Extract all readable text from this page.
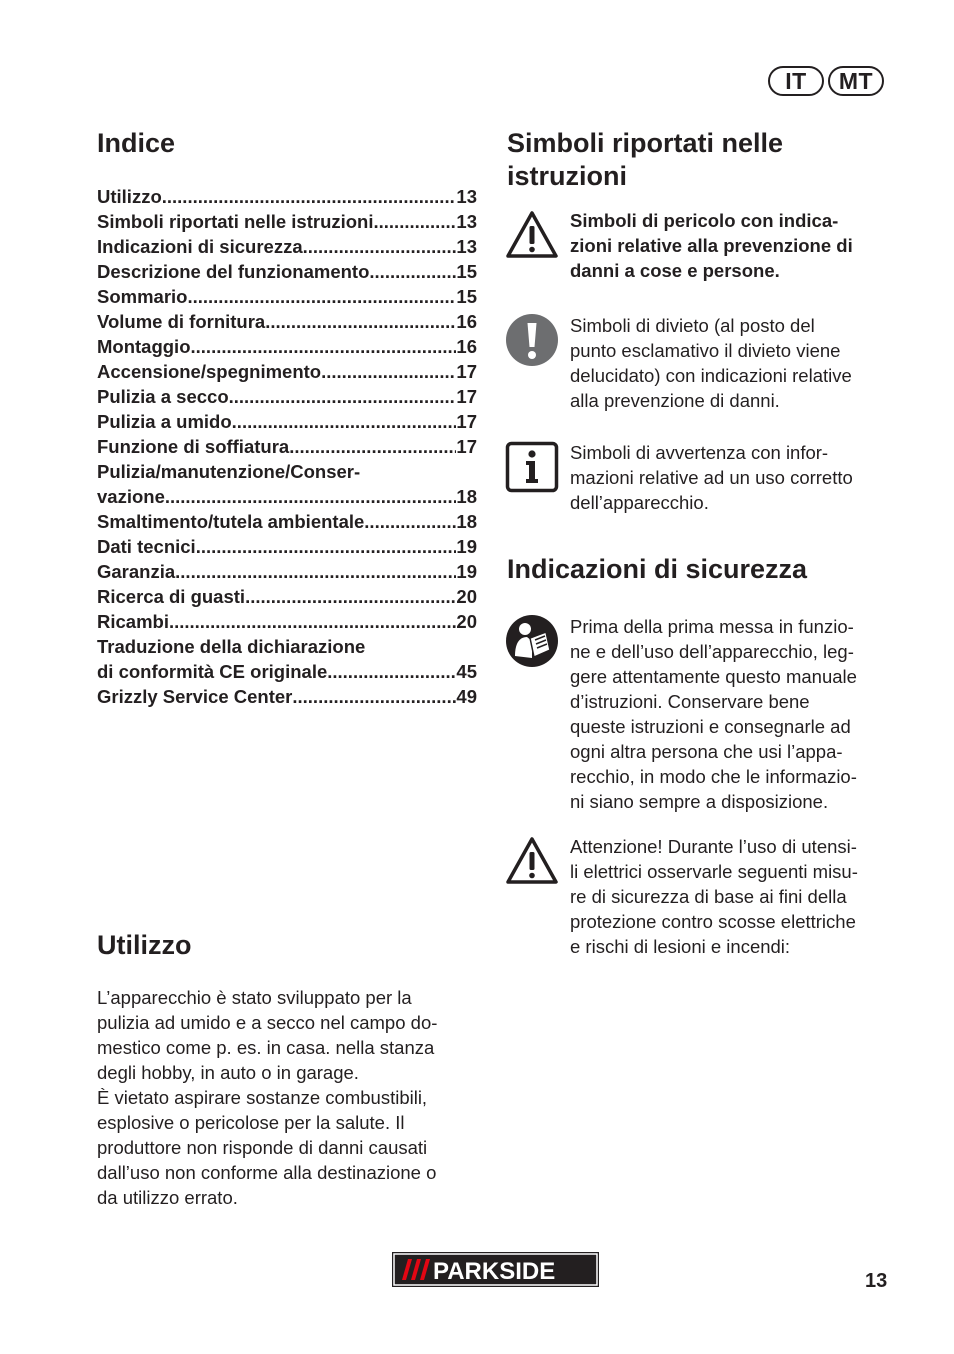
IT	MT
Indice
Utilizzo .....	13
Simboli riportati nelle istruzioni .....	13
Indicazioni di sicurezza .....	13
Descrizione del funzionamento .....	15
Sommario .....	15
Volume di fornitura .....	16
Montaggio .....	16
Accensione/spegnimento .....	17
Pulizia a secco .....	17
Pulizia a umido .....	17
Funzione di soffiatura .....	17
Pulizia/manutenzione/Conser-
vazione .....	18
Smaltimento/tutela ambientale .....	18
Dati tecnici .....	19
Garanzia .....	19
Ricerca di guasti .....	20
Ricambi .....	20
Traduzione della dichiarazione
di conformità CE originale .....	45
Grizzly Service Center .....	49
Utilizzo
L’apparecchio è stato sviluppato per la
pulizia ad umido e a secco nel campo do-
mestico come p. es. in casa. nella stanza
degli hobby, in auto o in garage.
È vietato aspirare sostanze combustibili,
esplosive o pericolose per la salute. Il
produttore non risponde di danni causati
dall’uso non conforme alla destinazione o
da utilizzo errato.
Simboli riportati nelle istruzioni
Simboli di pericolo con indica-
zioni relative alla prevenzione di
danni a cose e persone.
Simboli di divieto (al posto del
punto esclamativo il divieto viene
delucidato) con indicazioni relative
alla prevenzione di danni.
Simboli di avvertenza con infor-
mazioni relative ad un uso corretto
dell’apparecchio.
Indicazioni di sicurezza
Prima della prima messa in funzio-
ne e dell’uso dell’apparecchio, leg-
gere attentamente questo manuale
d’istruzioni. Conservare bene
queste istruzioni e consegnarle ad
ogni altra persona che usi l’appa-
recchio, in modo che le informazio-
ni siano sempre a disposizione.
Attenzione! Durante l’uso di utensi-
li elettrici osservarle seguenti misu-
re di sicurezza di base ai fini della
protezione contro scosse elettriche
e rischi di lesioni e incendi:
PARKSIDE	13
